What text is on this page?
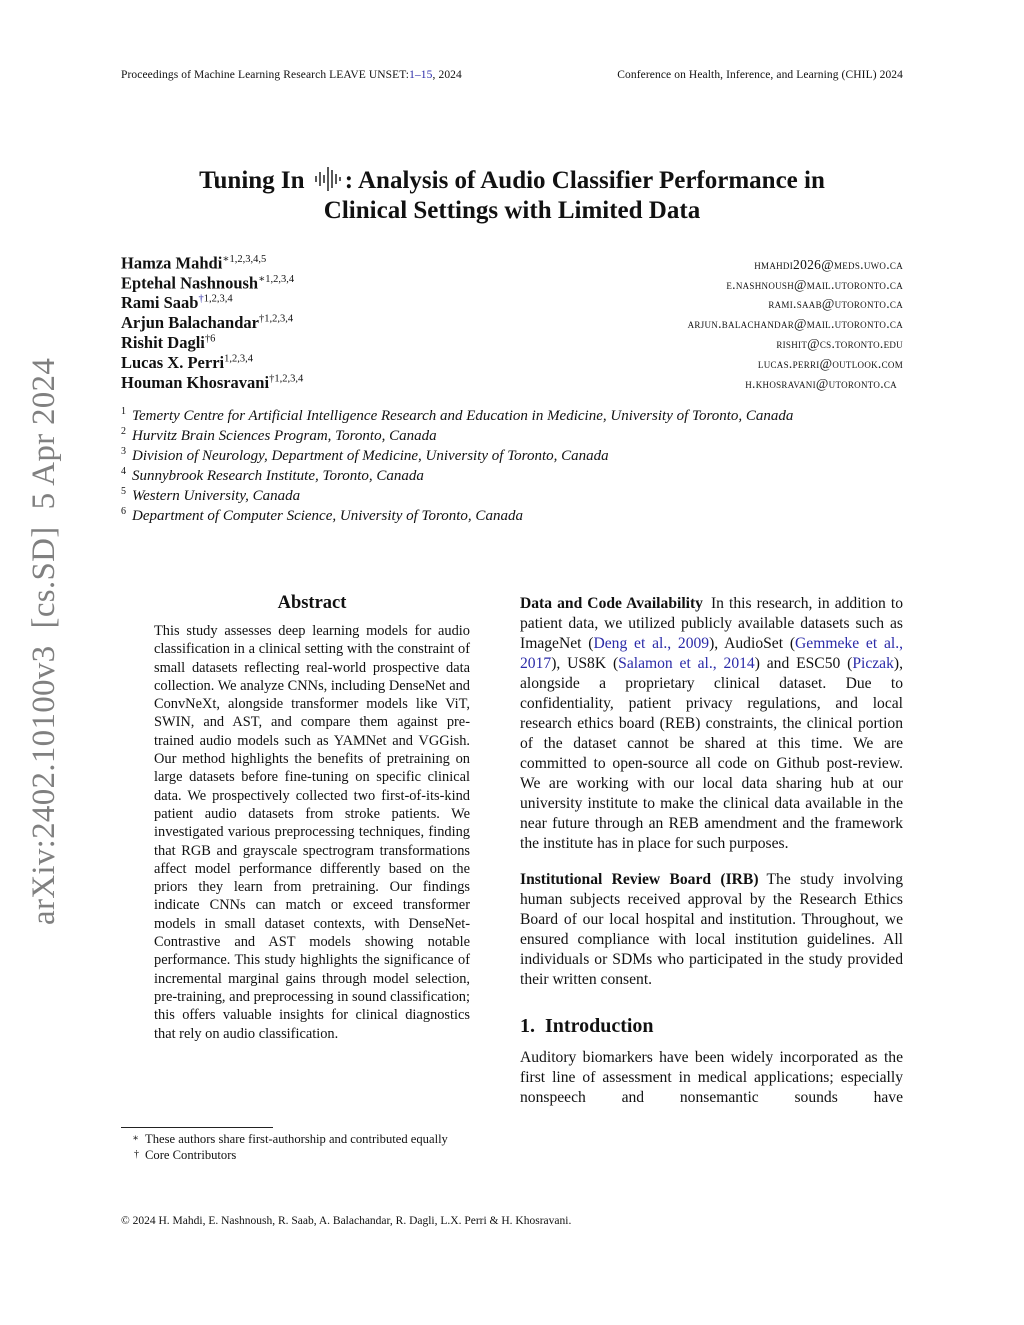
Proceedings of Machine Learning Research LEAVE UNSET:1–15, 2024	Conference on Health, Inference, and Learning (CHIL) 2024
Tuning In : Analysis of Audio Classifier Performance in
Clinical Settings with Limited Data
Hamza Mahdi$^{∗1,2,3,4,5}$	hmahdi2026@meds.uwo.ca
Eptehal Nashnoush$^{∗1,2,3,4}$	e.nashnoush@mail.utoronto.ca
Rami Saab$^{\dagger 1,2,3,4}$	rami.saab@utoronto.ca
Arjun Balachandar$^{\dagger 1,2,3,4}$	arjun.balachandar@mail.utoronto.ca
Rishit Dagli$^{\dagger 6}$	rishit@cs.toronto.edu
Lucas X. Perri$^{1,2,3,4}$	lucas.perri@outlook.com
Houman Khosravani$^{\dagger 1,2,3,4}$	h.khosravani@utoronto.ca
$^1$ Temerty Centre for Artificial Intelligence Research and Education in Medicine, University of Toronto, Canada
$^2$ Hurvitz Brain Sciences Program, Toronto, Canada
$^3$ Division of Neurology, Department of Medicine, University of Toronto, Canada
$^4$ Sunnybrook Research Institute, Toronto, Canada
$^5$ Western University, Canada
$^6$ Department of Computer Science, University of Toronto, Canada
arXiv:2402.10100v3  [cs.SD]  5 Apr 2024	Abstract

This study assesses deep learning models for audio classification in a clinical setting with the constraint of small datasets reflecting real-world prospective data collection. We analyze CNNs, including DenseNet and ConvNeXt, alongside transformer models like ViT, SWIN, and AST, and compare them against pre-trained audio models such as YAMNet and VGGish. Our method highlights the benefits of pretraining on large datasets before fine-tuning on specific clinical data. We prospectively collected two first-of-its-kind patient audio datasets from stroke patients. We investigated various preprocessing techniques, finding that RGB and grayscale spectrogram transformations affect model performance differently based on the priors they learn from pretraining. Our findings indicate CNNs can match or exceed transformer models in small dataset contexts, with DenseNet-Contrastive and AST models showing notable performance. This study highlights the significance of incremental marginal gains through model selection, pre-training, and preprocessing in sound classification; this offers valuable insights for clinical diagnostics that rely on audio classification.

Data and Code Availability In this research, in addition to patient data, we utilized publicly available datasets such as ImageNet (Deng et al., 2009), AudioSet (Gemmeke et al., 2017), US8K (Salamon et al., 2014) and ESC50 (Piczak), alongside a proprietary clinical dataset. Due to confidentiality, patient privacy regulations, and local research ethics board (REB) constraints, the clinical portion of the dataset cannot be shared at this time. We are committed to open-source all code on Github post-review. We are working with our local data sharing hub at our university institute to make the clinical data available in the near future through an REB amendment and the framework the institute has in place for such purposes.

Institutional Review Board (IRB) The study involving human subjects received approval by the Research Ethics Board of our local hospital and institution. Throughout, we ensured compliance with local institution guidelines. All individuals or SDMs who participated in the study provided their written consent.

1. Introduction

Auditory biomarkers have been widely incorporated as the first line of assessment in medical applications; especially nonspeech and nonsemantic sounds have

∗ These authors share first-authorship and contributed equally
† Core Contributors
© 2024 H. Mahdi, E. Nashnoush, R. Saab, A. Balachandar, R. Dagli, L.X. Perri & H. Khosravani.
